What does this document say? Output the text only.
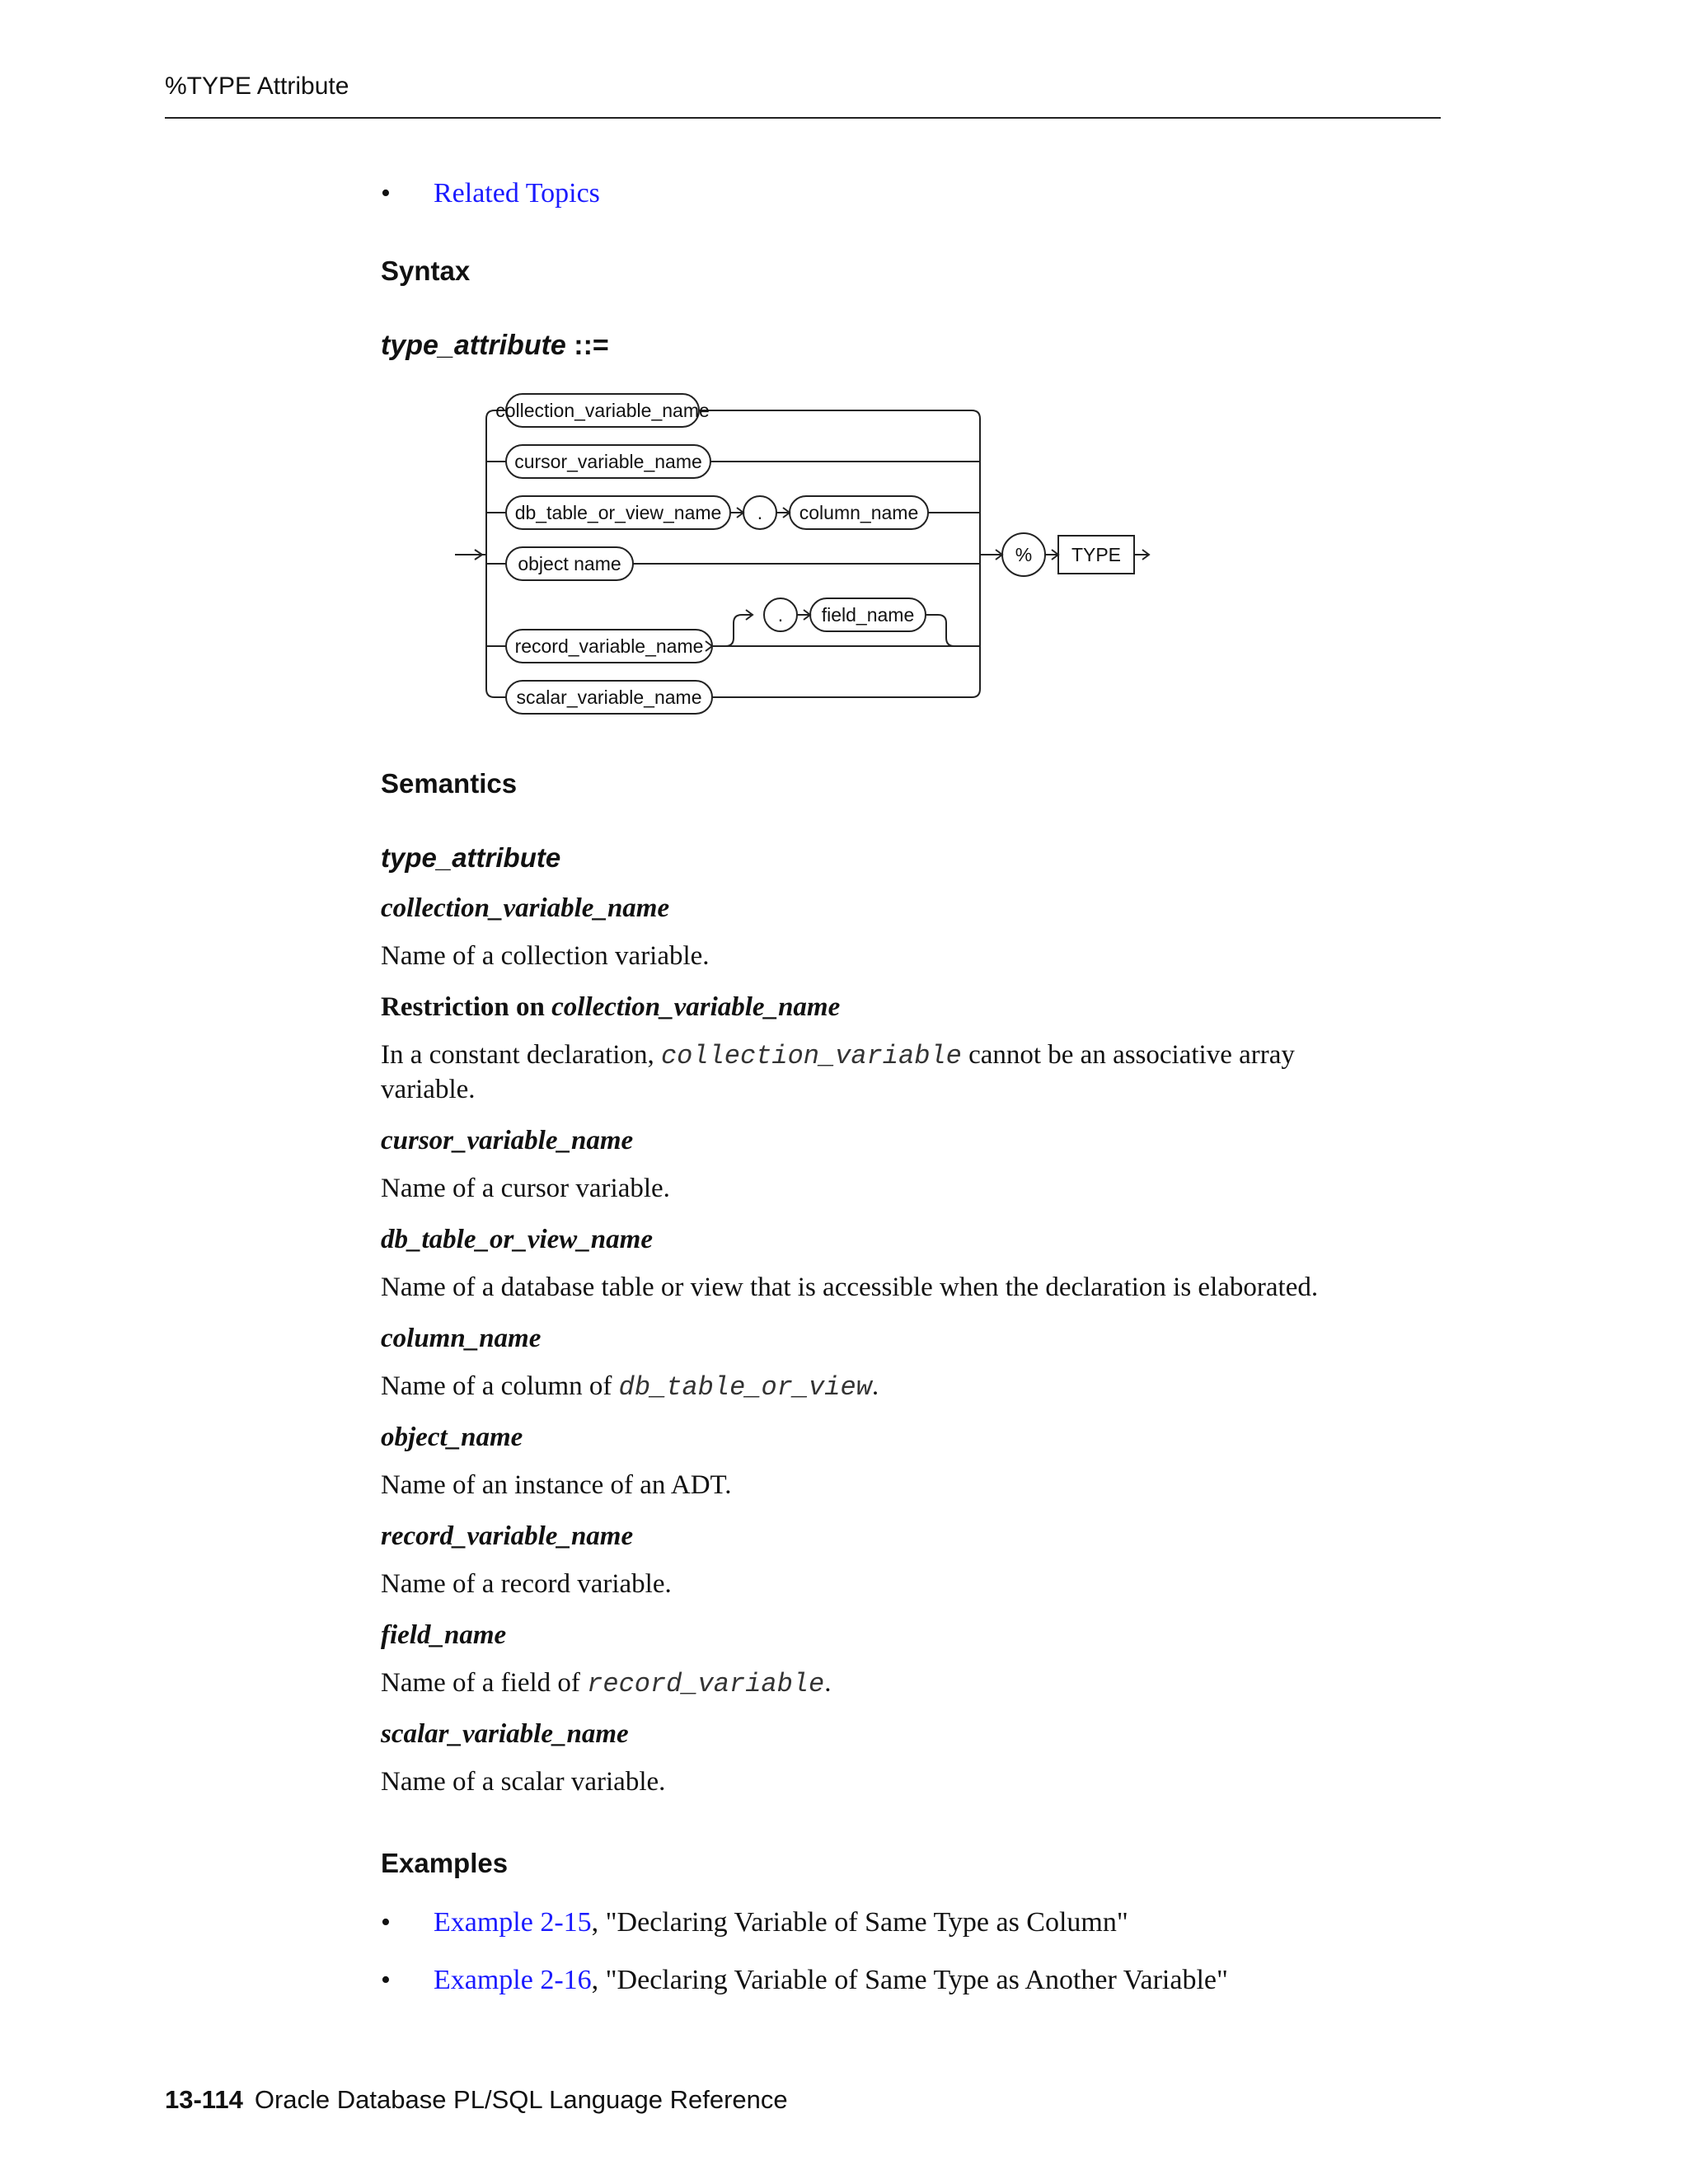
%TYPE Attribute
• Related Topics
Syntax
type_attribute ::=
collection_variable_name
cursor_variable_name
db_table_or_view_name . column_name
object name
. field_name
record_variable_name
scalar_variable_name
% TYPE
Semantics
type_attribute
collection_variable_name
Name of a collection variable.
Restriction on collection_variable_name
In a constant declaration, collection_variable cannot be an associative array
variable.
cursor_variable_name
Name of a cursor variable.
db_table_or_view_name
Name of a database table or view that is accessible when the declaration is elaborated.
column_name
Name of a column of db_table_or_view.
object_name
Name of an instance of an ADT.
record_variable_name
Name of a record variable.
field_name
Name of a field of record_variable.
scalar_variable_name
Name of a scalar variable.
Examples
• Example 2-15, "Declaring Variable of Same Type as Column"
• Example 2-16, "Declaring Variable of Same Type as Another Variable"
13-114 Oracle Database PL/SQL Language Reference
